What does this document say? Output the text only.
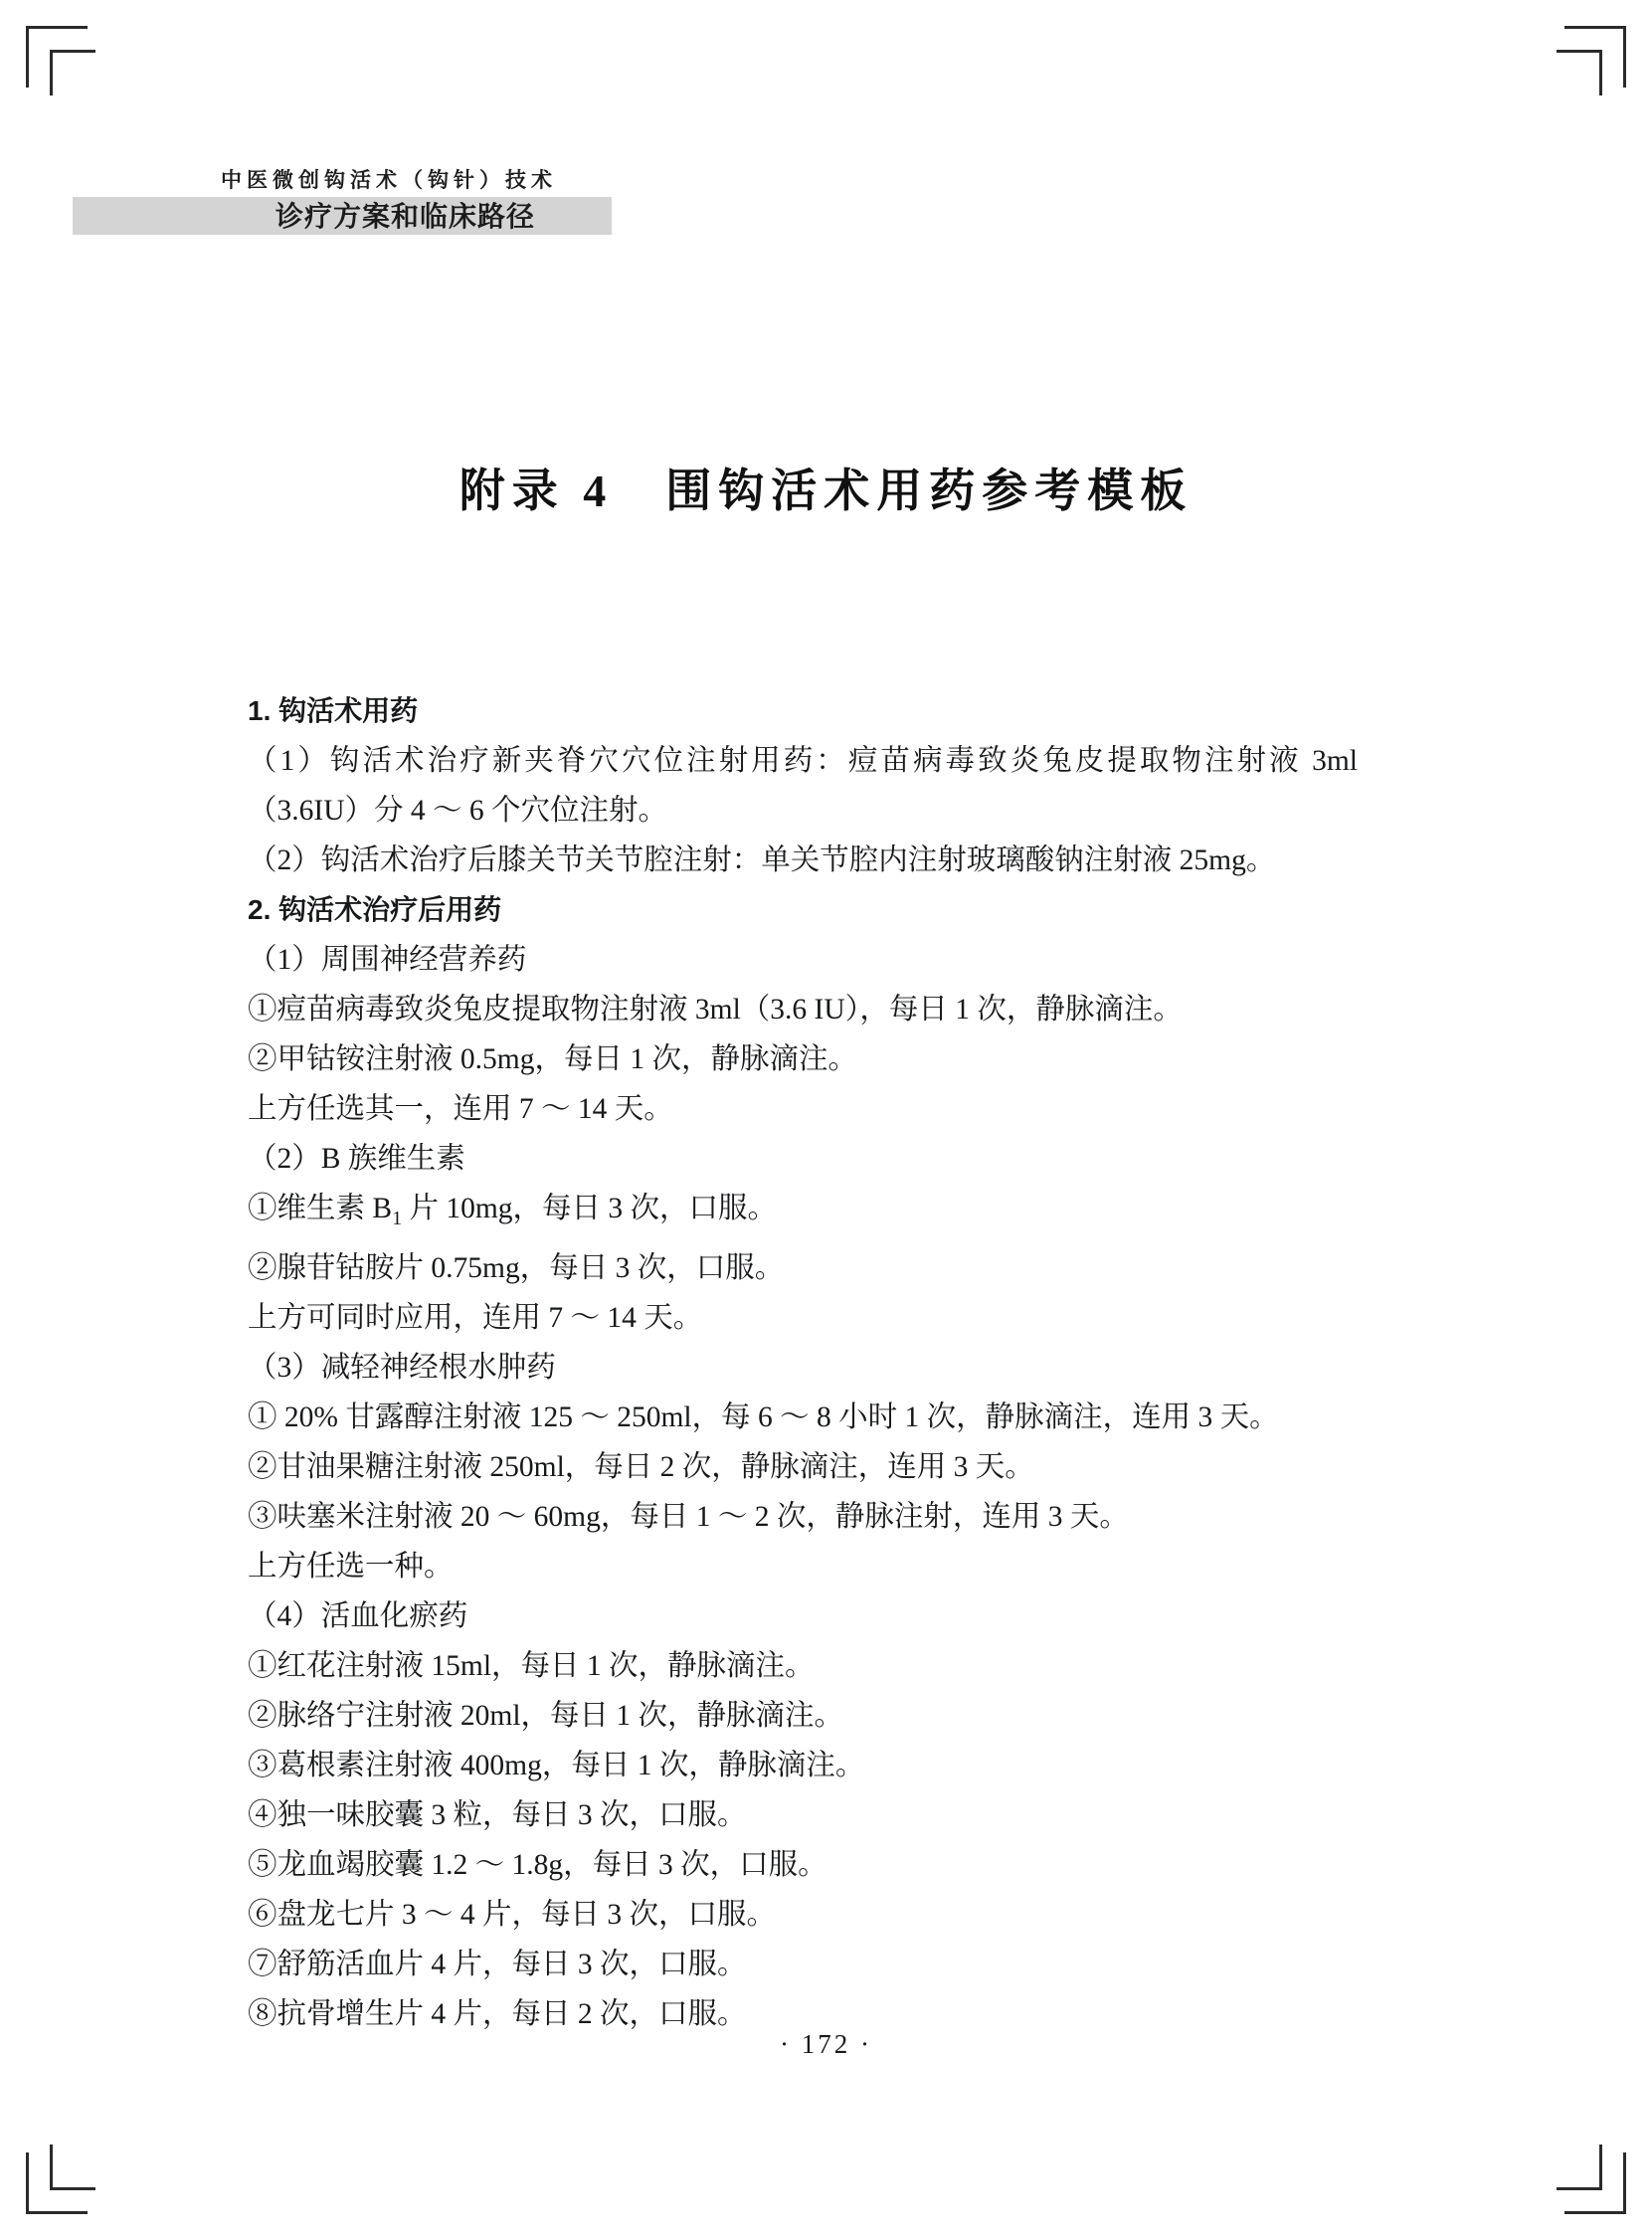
中医微创钩活术（钩针）技术
诊疗方案和临床路径
附录 4　围钩活术用药参考模板
1. 钩活术用药
（1）钩活术治疗新夹脊穴穴位注射用药：痘苗病毒致炎兔皮提取物注射液 3ml（3.6IU）分 4 ～ 6 个穴位注射。
（2）钩活术治疗后膝关节关节腔注射：单关节腔内注射玻璃酸钠注射液 25mg。
2. 钩活术治疗后用药
（1）周围神经营养药
①痘苗病毒致炎兔皮提取物注射液 3ml（3.6 IU），每日 1 次，静脉滴注。
②甲钴铵注射液 0.5mg，每日 1 次，静脉滴注。
上方任选其一，连用 7 ～ 14 天。
（2）B 族维生素
①维生素 $B_1$ 片 10mg，每日 3 次，口服。
②腺苷钴胺片 0.75mg，每日 3 次，口服。
上方可同时应用，连用 7 ～ 14 天。
（3）减轻神经根水肿药
① 20% 甘露醇注射液 125 ～ 250ml，每 6 ～ 8 小时 1 次，静脉滴注，连用 3 天。
②甘油果糖注射液 250ml，每日 2 次，静脉滴注，连用 3 天。
③呋塞米注射液 20 ～ 60mg，每日 1 ～ 2 次，静脉注射，连用 3 天。
上方任选一种。
（4）活血化瘀药
①红花注射液 15ml，每日 1 次，静脉滴注。
②脉络宁注射液 20ml，每日 1 次，静脉滴注。
③葛根素注射液 400mg，每日 1 次，静脉滴注。
④独一味胶囊 3 粒，每日 3 次，口服。
⑤龙血竭胶囊 1.2 ～ 1.8g，每日 3 次，口服。
⑥盘龙七片 3 ～ 4 片，每日 3 次，口服。
⑦舒筋活血片 4 片，每日 3 次，口服。
⑧抗骨增生片 4 片，每日 2 次，口服。
· 172 ·
